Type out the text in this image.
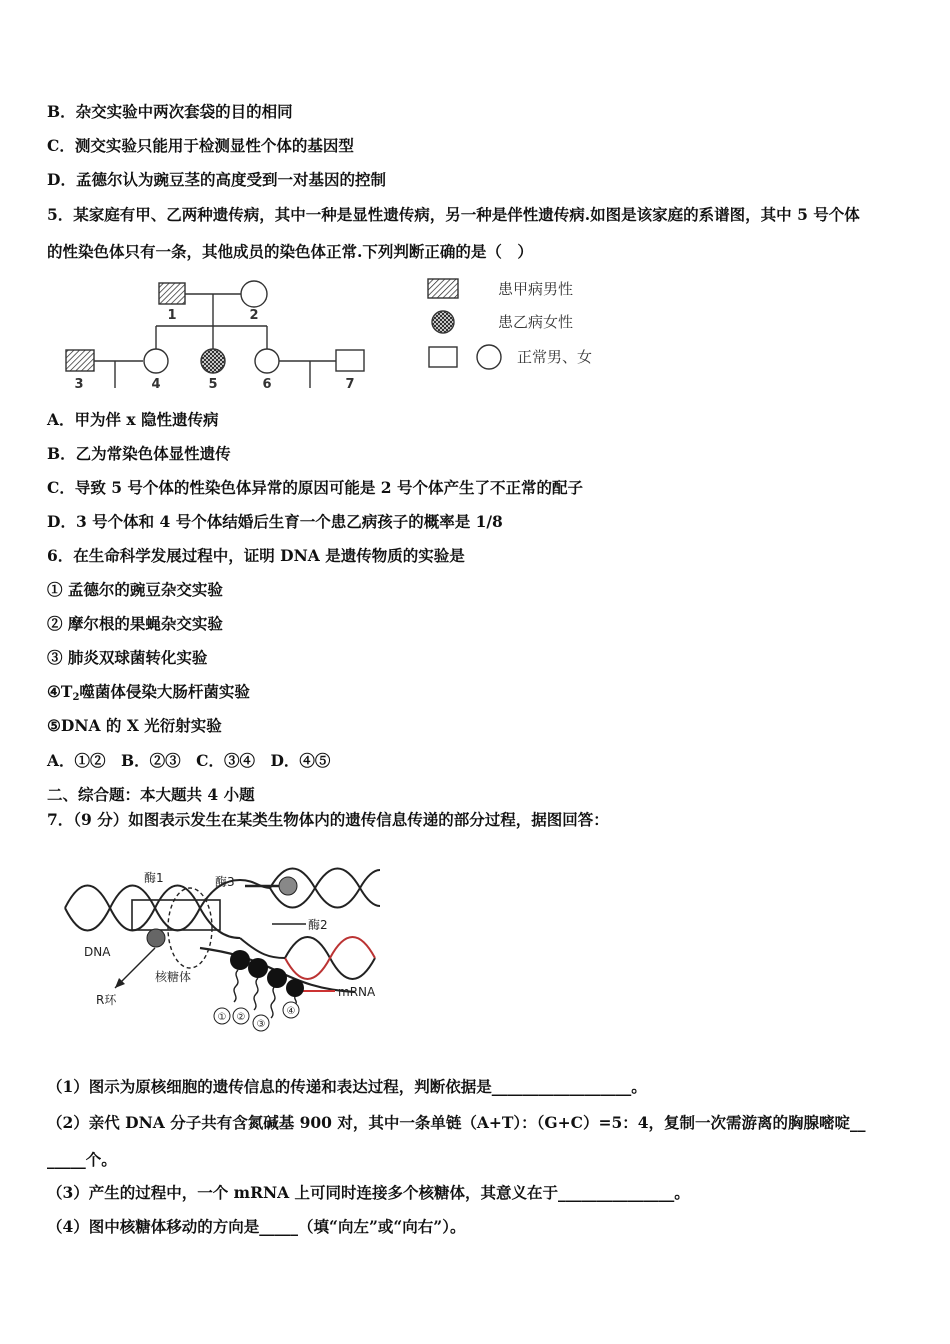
B．杂交实验中两次套袋的目的相同
C．测交实验只能用于检测显性个体的基因型
D．孟德尔认为豌豆茎的高度受到一对基因的控制
5．某家庭有甲、乙两种遗传病，其中一种是显性遗传病，另一种是伴性遗传病.如图是该家庭的系谱图，其中 5 号个体
的性染色体只有一条，其他成员的染色体正常.下列判断正确的是（　）
1	2
3	4	5	6	7
患甲病男性
患乙病女性
正常男、女
A．甲为伴 x 隐性遗传病
B．乙为常染色体显性遗传
C．导致 5 号个体的性染色体异常的原因可能是 2 号个体产生了不正常的配子
D．3 号个体和 4 号个体结婚后生育一个患乙病孩子的概率是 1/8
6．在生命科学发展过程中，证明 DNA 是遗传物质的实验是
① 孟德尔的豌豆杂交实验
② 摩尔根的果蝇杂交实验
③ 肺炎双球菌转化实验
$④T_2$噬菌体侵染大肠杆菌实验
⑤DNA 的 X 光衍射实验
A．①②　B．②③　C．③④　D．④⑤
二、综合题：本大题共 4 小题
7．（9 分）如图表示发生在某类生物体内的遗传信息传递的部分过程，据图回答：
酶1	酶3
酶2
DNA
核糖体
R环
mRNA
① ②
③
④
（1）图示为原核细胞的遗传信息的传递和表达过程，判断依据是__________________。
（2）亲代 DNA 分子共有含氮碱基 900 对，其中一条单链（A+T）：（G+C）=5：4，复制一次需游离的胸腺嘧啶__
_____个。
（3）产生的过程中，一个 mRNA 上可同时连接多个核糖体，其意义在于_______________。
（4）图中核糖体移动的方向是_____（填“向左”或“向右”）。
